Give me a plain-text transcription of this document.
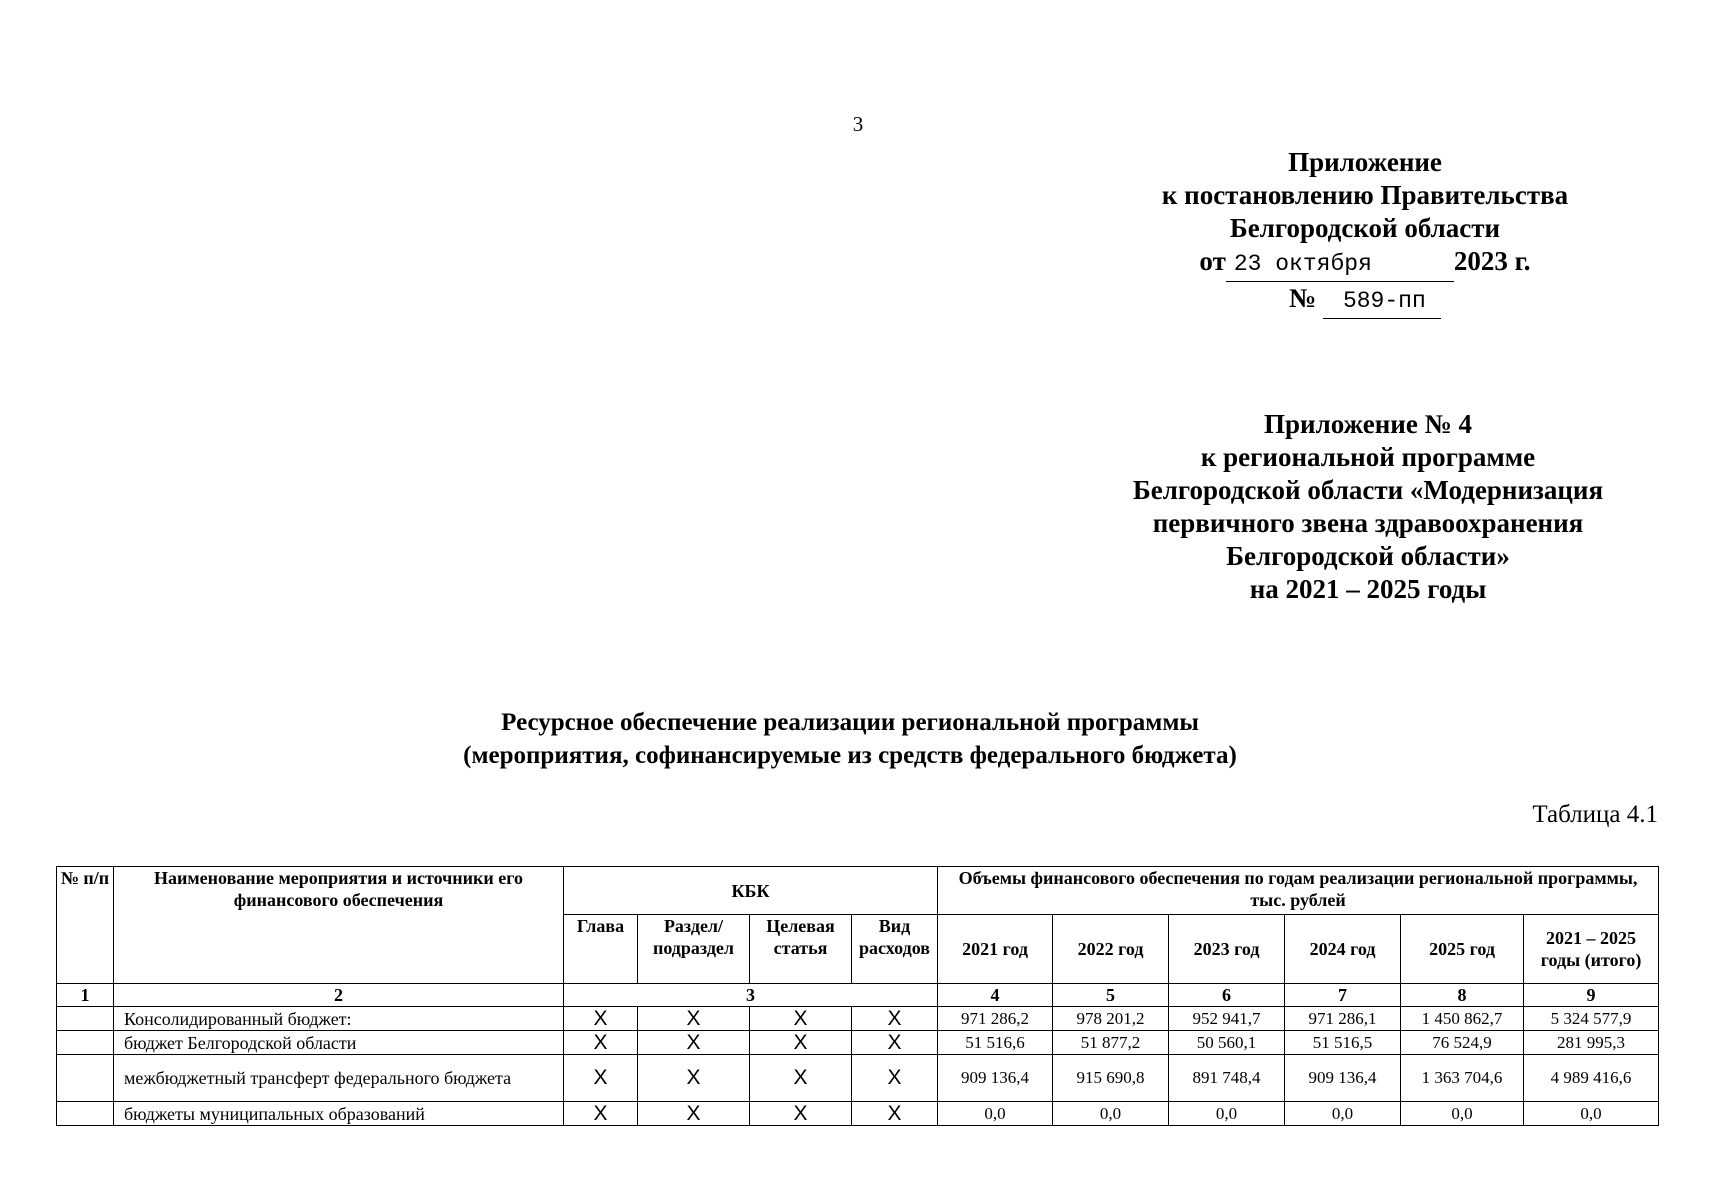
3
Приложение
к постановлению Правительства
Белгородской области
от 23 октября	2023 г.
№ 589-пп
Приложение № 4
к региональной программе
Белгородской области «Модернизация
первичного звена здравоохранения
Белгородской области»
на 2021 – 2025 годы
Ресурсное обеспечение реализации региональной программы
(мероприятия, софинансируемые из средств федерального бюджета)
Таблица 4.1
№ п/п	Наименование мероприятия и источники его финансового обеспечения	КБК				Объемы финансового обеспечения по годам реализации региональной программы, тыс. рублей					
		Глава	Раздел/ подраздел	Целевая статья	Вид расходов	2021 год	2022 год	2023 год	2024 год	2025 год	2021 – 2025 годы (итого)
1	2	3				4	5	6	7	8	9
	Консолидированный бюджет:	Х	Х	Х	Х	971 286,2	978 201,2	952 941,7	971 286,1	1 450 862,7	5 324 577,9
	бюджет Белгородской области	Х	Х	Х	Х	51 516,6	51 877,2	50 560,1	51 516,5	76 524,9	281 995,3
	межбюджетный трансферт федерального бюджета	Х	Х	Х	Х	909 136,4	915 690,8	891 748,4	909 136,4	1 363 704,6	4 989 416,6
	бюджеты муниципальных образований	Х	Х	Х	Х	0,0	0,0	0,0	0,0	0,0	0,0
